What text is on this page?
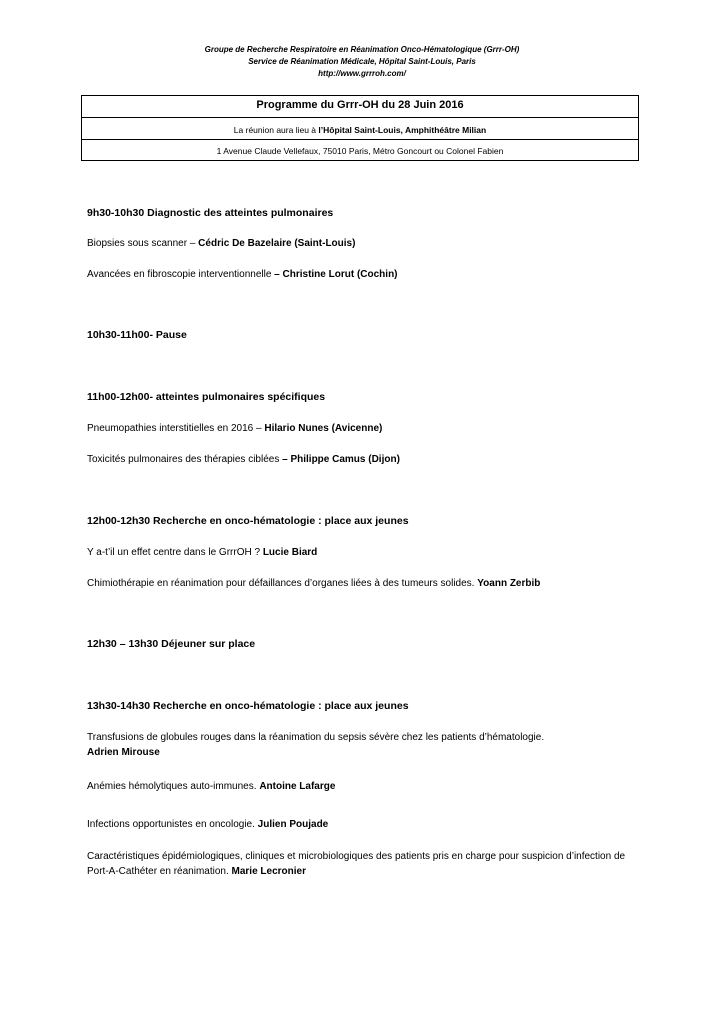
Groupe de Recherche Respiratoire en Réanimation Onco-Hématologique (Grrr-OH)
Service de Réanimation Médicale, Hôpital Saint-Louis, Paris
http://www.grrroh.com/
Programme du Grrr-OH du 28 Juin 2016
La réunion aura lieu à l’Hôpital Saint-Louis, Amphithéâtre Milian
1 Avenue Claude Vellefaux, 75010 Paris, Métro Goncourt ou Colonel Fabien
9h30-10h30 Diagnostic des atteintes pulmonaires
Biopsies sous scanner – Cédric De Bazelaire (Saint-Louis)
Avancées en fibroscopie interventionnelle – Christine Lorut (Cochin)
10h30-11h00- Pause
11h00-12h00- atteintes pulmonaires spécifiques
Pneumopathies interstitielles en 2016 – Hilario Nunes (Avicenne)
Toxicités pulmonaires des thérapies ciblées – Philippe Camus (Dijon)
12h00-12h30 Recherche en onco-hématologie : place aux jeunes
Y a-t’il un effet centre dans le GrrrOH ? Lucie Biard
Chimiothérapie en réanimation pour défaillances d’organes liées à des tumeurs solides. Yoann Zerbib
12h30 – 13h30 Déjeuner sur place
13h30-14h30 Recherche en onco-hématologie : place aux jeunes
Transfusions de globules rouges dans la réanimation du sepsis sévère chez les patients d’hématologie. Adrien Mirouse
Anémies hémolytiques auto-immunes. Antoine Lafarge
Infections opportunistes en oncologie. Julien Poujade
Caractéristiques épidémiologiques, cliniques et microbiologiques des patients pris en charge pour suspicion d’infection de Port-A-Cathéter en réanimation. Marie Lecronier
